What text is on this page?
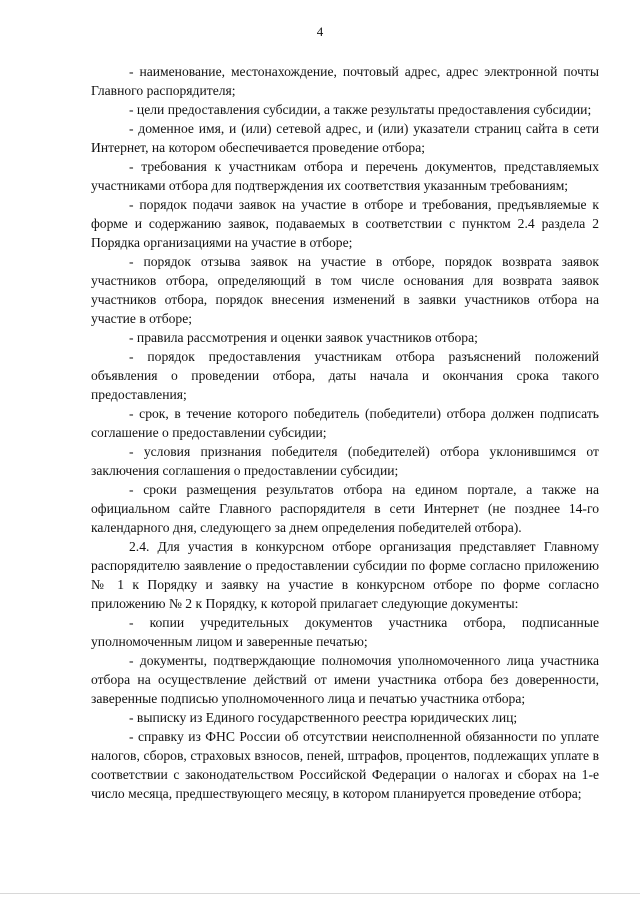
4

- наименование, местонахождение, почтовый адрес, адрес электронной почты Главного распорядителя;

- цели предоставления субсидии, а также результаты предоставления субсидии;

- доменное имя, и (или) сетевой адрес, и (или) указатели страниц сайта в сети Интернет, на котором обеспечивается проведение отбора;

- требования к участникам отбора и перечень документов, представляемых участниками отбора для подтверждения их соответствия указанным требованиям;

- порядок подачи заявок на участие в отборе и требования, предъявляемые к форме и содержанию заявок, подаваемых в соответствии с пунктом 2.4 раздела 2 Порядка организациями на участие в отборе;

- порядок отзыва заявок на участие в отборе, порядок возврата заявок участников отбора, определяющий в том числе основания для возврата заявок участников отбора, порядок внесения изменений в заявки участников отбора на участие в отборе;

- правила рассмотрения и оценки заявок участников отбора;

- порядок предоставления участникам отбора разъяснений положений объявления о проведении отбора, даты начала и окончания срока такого предоставления;

- срок, в течение которого победитель (победители) отбора должен подписать соглашение о предоставлении субсидии;

- условия признания победителя (победителей) отбора уклонившимся от заключения соглашения о предоставлении субсидии;

- сроки размещения результатов отбора на едином портале, а также на официальном сайте Главного распорядителя в сети Интернет (не позднее 14-го календарного дня, следующего за днем определения победителей отбора).

2.4. Для участия в конкурсном отборе организация представляет Главному распорядителю заявление о предоставлении субсидии по форме согласно приложению № 1 к Порядку и заявку на участие в конкурсном отборе по форме согласно приложению № 2 к Порядку, к которой прилагает следующие документы:

- копии учредительных документов участника отбора, подписанные уполномоченным лицом и заверенные печатью;

- документы, подтверждающие полномочия уполномоченного лица участника отбора на осуществление действий от имени участника отбора без доверенности, заверенные подписью уполномоченного лица и печатью участника отбора;

- выписку из Единого государственного реестра юридических лиц;

- справку из ФНС России об отсутствии неисполненной обязанности по уплате налогов, сборов, страховых взносов, пеней, штрафов, процентов, подлежащих уплате в соответствии с законодательством Российской Федерации о налогах и сборах на 1-е число месяца, предшествующего месяцу, в котором планируется проведение отбора;
